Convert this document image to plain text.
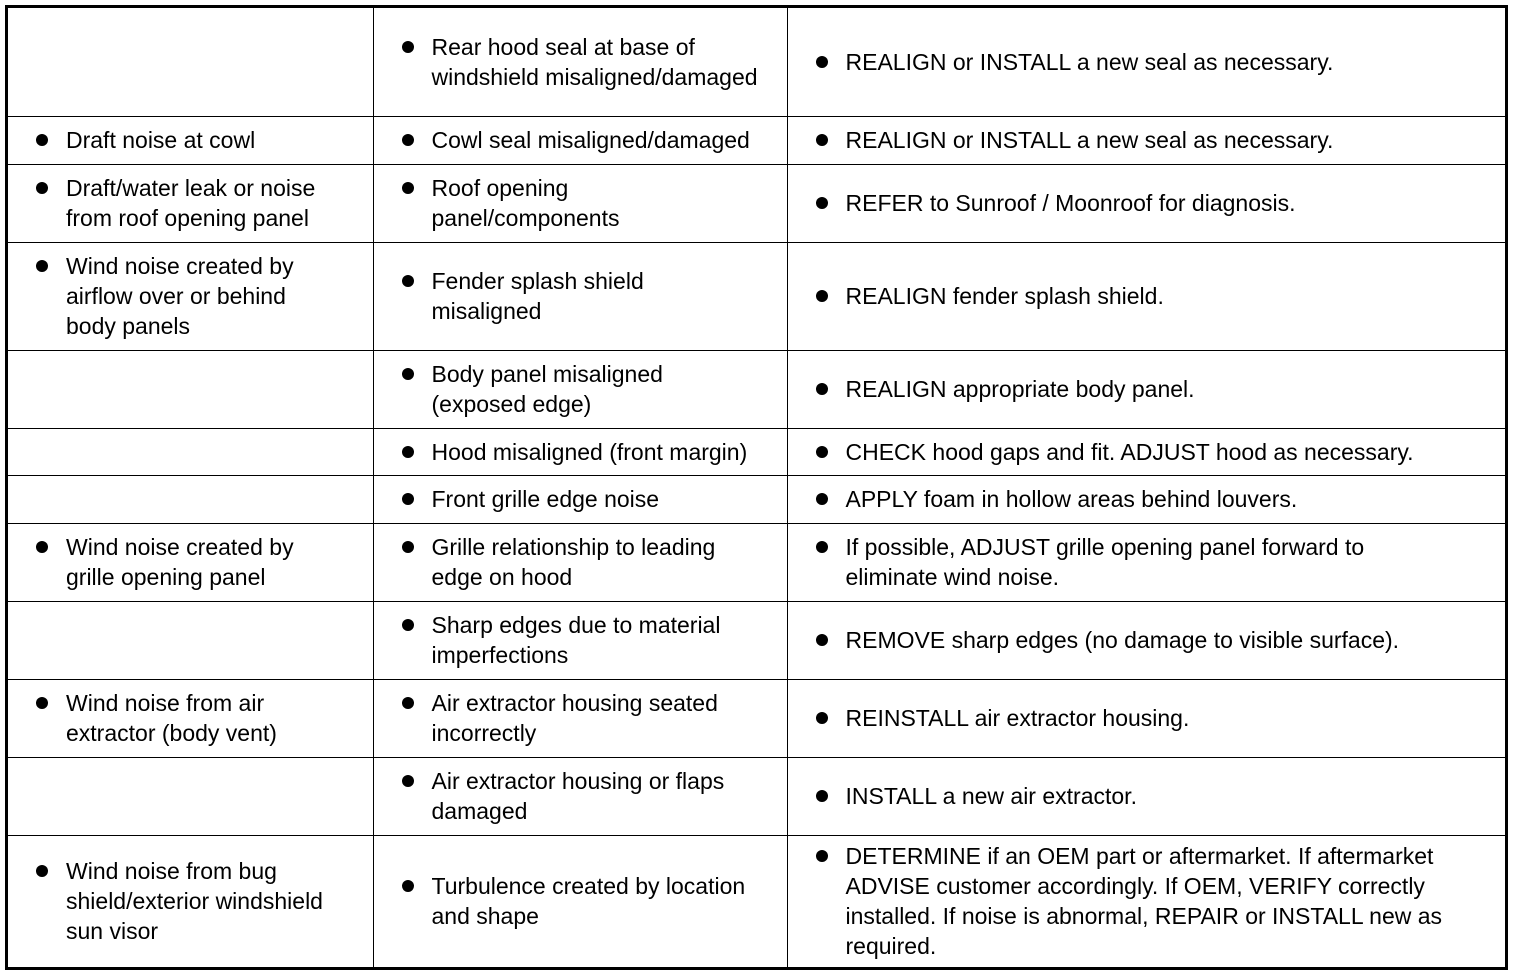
	Rear hood seal at base of windshield misaligned/damaged	REALIGN or INSTALL a new seal as necessary.

Draft noise at cowl	Cowl seal misaligned/damaged	REALIGN or INSTALL a new seal as necessary.

Draft/water leak or noise from roof opening panel	Roof opening panel/components	REFER to Sunroof / Moonroof for diagnosis.

Wind noise created by airflow over or behind body panels	Fender splash shield misaligned	REALIGN fender splash shield.

	Body panel misaligned (exposed edge)	REALIGN appropriate body panel.

	Hood misaligned (front margin)	CHECK hood gaps and fit. ADJUST hood as necessary.

	Front grille edge noise	APPLY foam in hollow areas behind louvers.

Wind noise created by grille opening panel	Grille relationship to leading edge on hood	If possible, ADJUST grille opening panel forward to eliminate wind noise.

	Sharp edges due to material imperfections	REMOVE sharp edges (no damage to visible surface).

Wind noise from air extractor (body vent)	Air extractor housing seated incorrectly	REINSTALL air extractor housing.

	Air extractor housing or flaps damaged	INSTALL a new air extractor.

Wind noise from bug shield/exterior windshield sun visor	Turbulence created by location and shape	DETERMINE if an OEM part or aftermarket. If aftermarket ADVISE customer accordingly. If OEM, VERIFY correctly installed. If noise is abnormal, REPAIR or INSTALL new as required.
